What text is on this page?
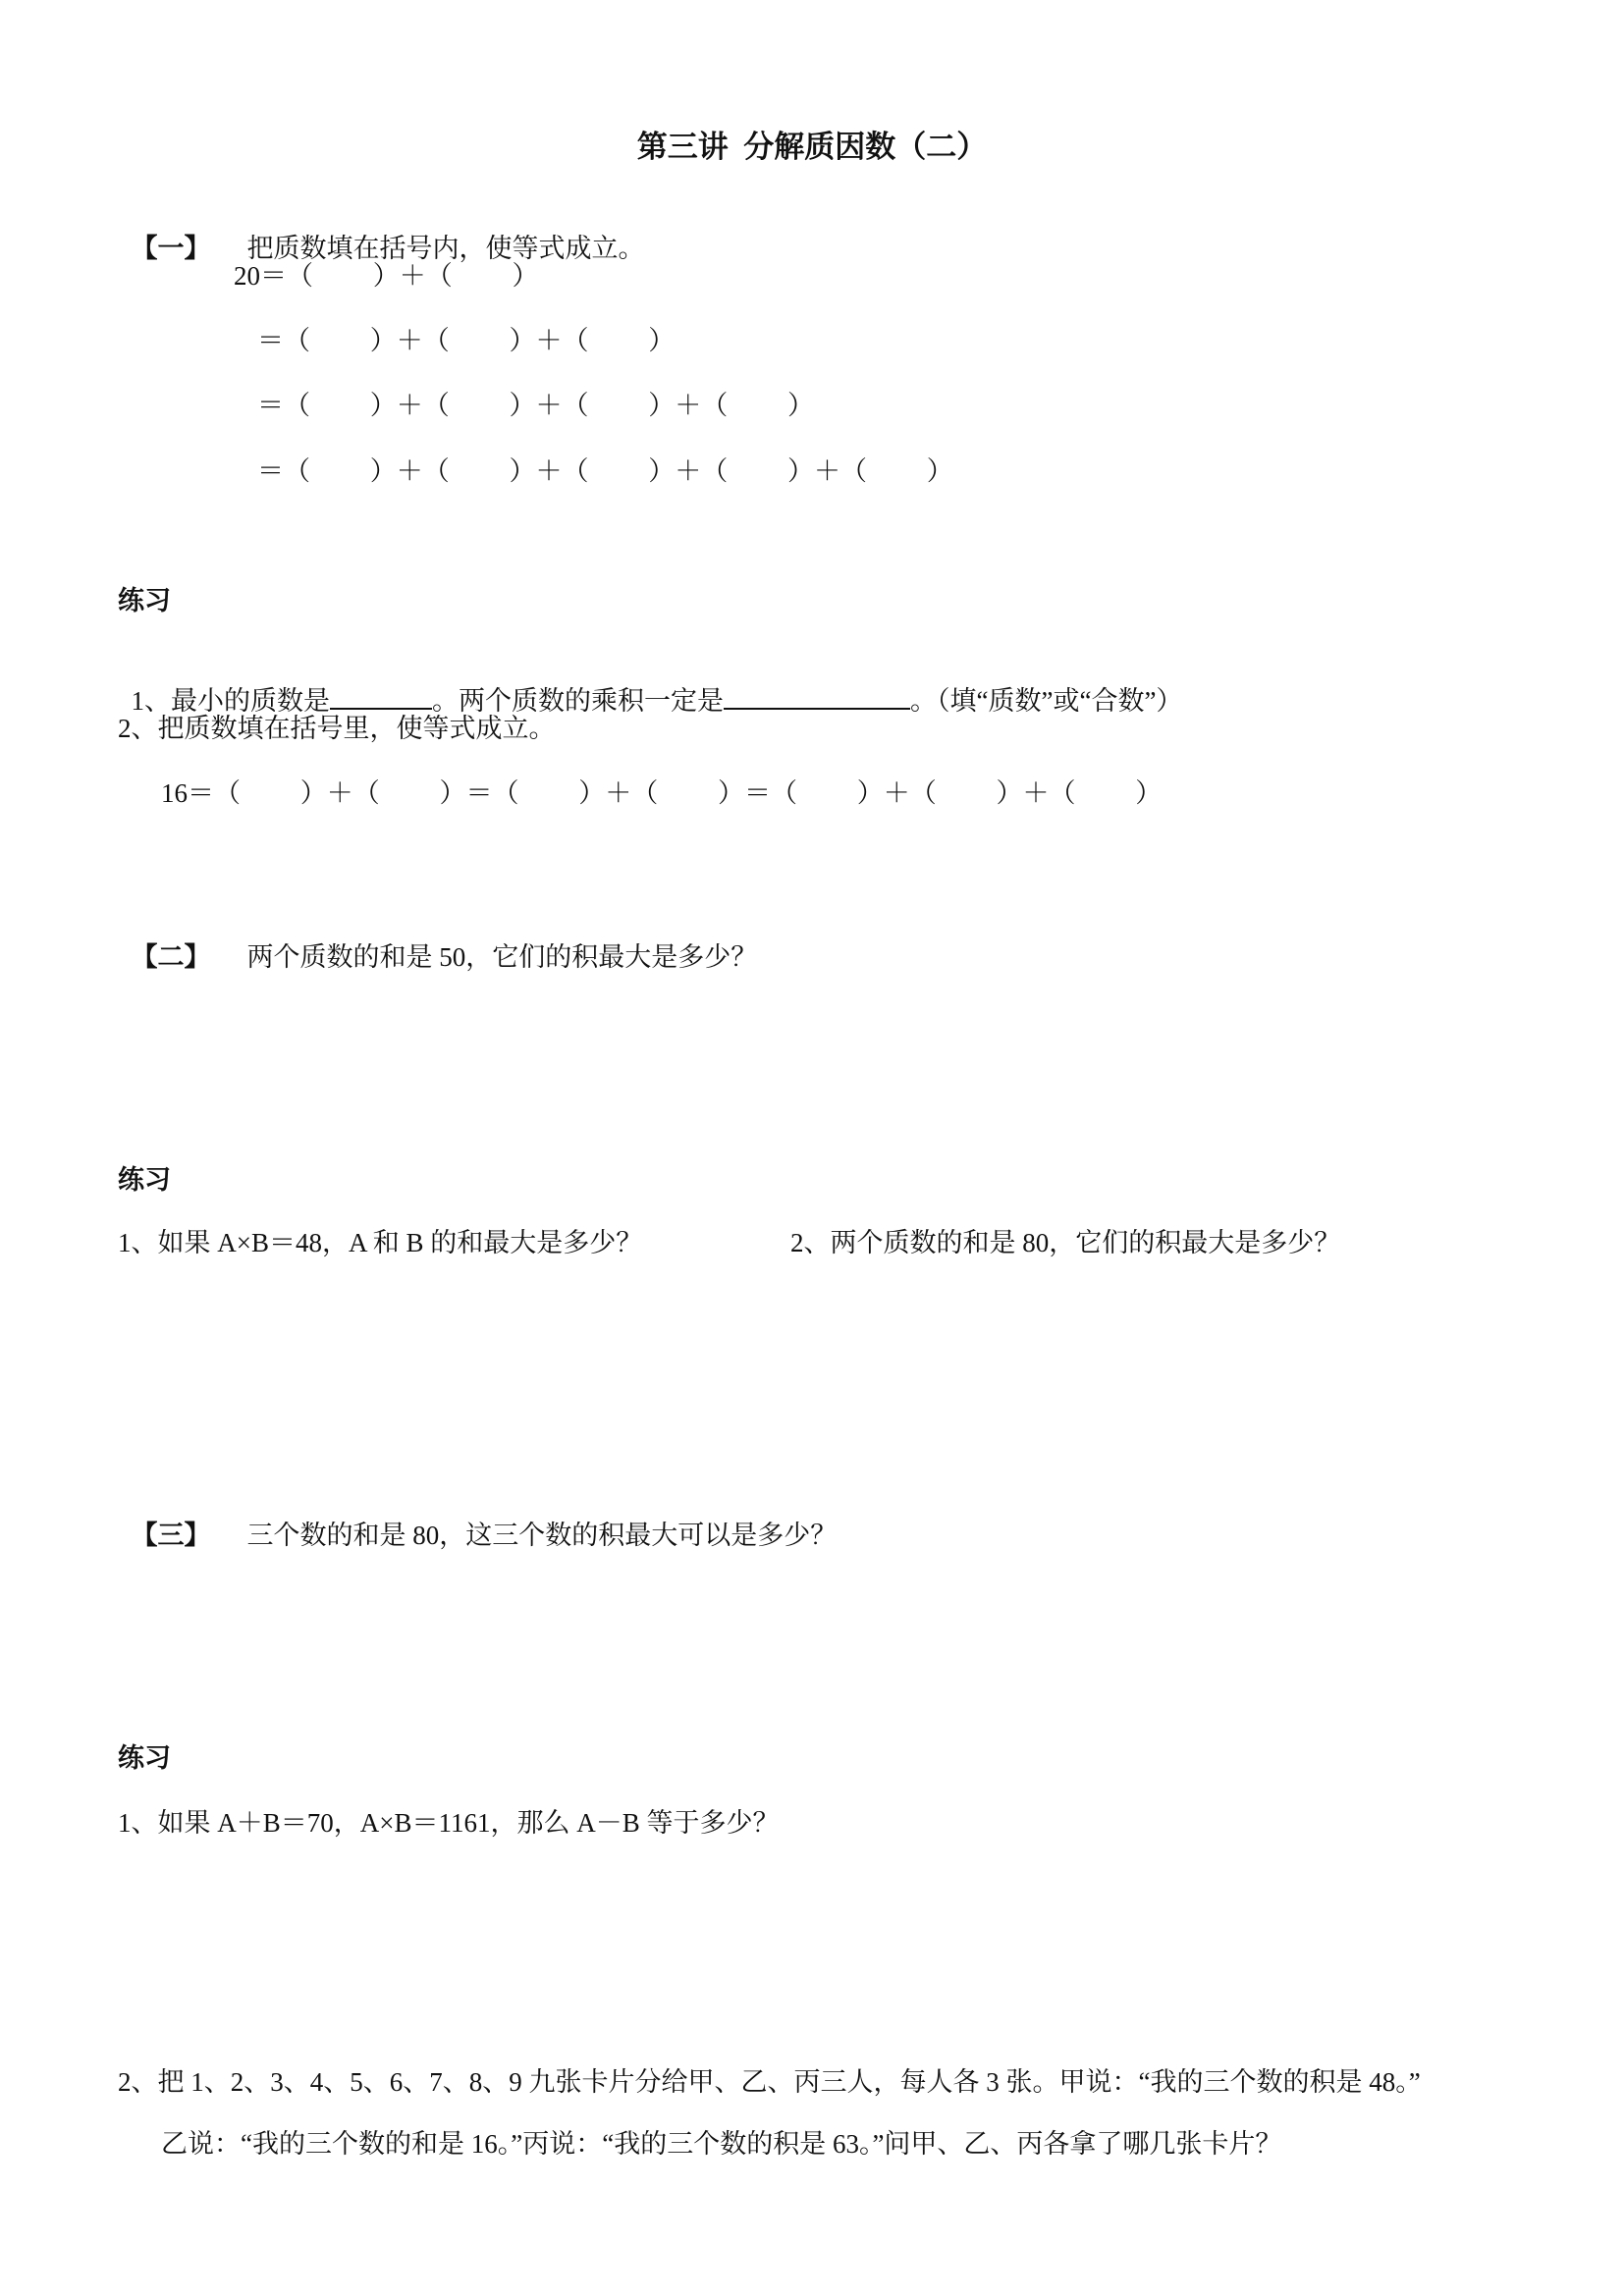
第三讲  分解质因数（二）

【一】 把质数填在括号内，使等式成立。

20＝（　　 ）＋（　　 ）
＝（　　 ）＋（　　 ）＋（　　 ）
＝（　　 ）＋（　　 ）＋（　　 ）＋（　　 ）
＝（　　 ）＋（　　 ）＋（　　 ）＋（　　 ）＋（　　 ）
练习

1、最小的质数是	。两个质数的乘积一定是	。（填“质数”或“合数”）

2、把质数填在括号里，使等式成立。
16＝（　　 ）＋（　　 ）＝（　　 ）＋（　　 ）＝（　　 ）＋（　　 ）＋（　　 ）

【二】 两个质数的和是 50，它们的积最大是多少？

练习
1、如果 A×B＝48，A 和 B 的和最大是多少？	2、两个质数的和是 80，它们的积最大是多少？

【三】 三个数的和是 80，这三个数的积最大可以是多少？

练习
1、如果 A＋B＝70，A×B＝1161，那么 A－B 等于多少？
2、把 1、2、3、4、5、6、7、8、9 九张卡片分给甲、乙、丙三人，每人各 3 张。甲说：“我的三个数的积是 48。”
乙说：“我的三个数的和是 16。”丙说：“我的三个数的积是 63。”问甲、乙、丙各拿了哪几张卡片？
